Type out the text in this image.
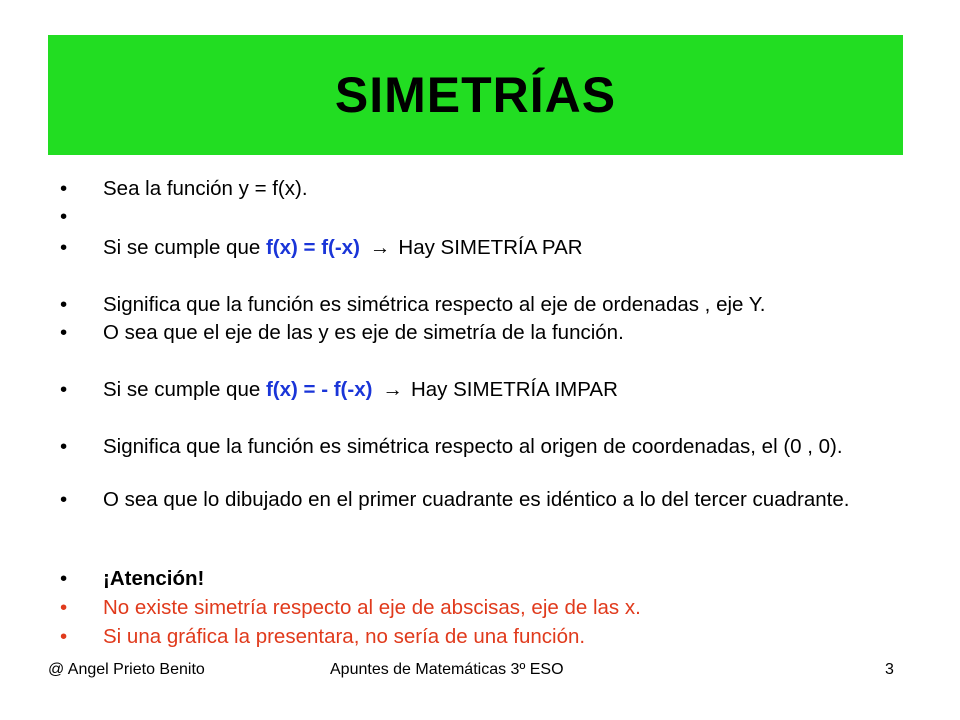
SIMETRÍAS
• Sea la función y = f(x).
•
• Si se cumple que f(x) = f(-x) → Hay SIMETRÍA PAR
• Significa que la función es simétrica respecto al eje de ordenadas , eje Y.
• O sea que el eje de las y es eje de simetría de la función.
• Si se cumple que f(x) = - f(-x) → Hay SIMETRÍA IMPAR
• Significa que la función es simétrica respecto al origen de coordenadas, el (0 , 0).
• O sea que lo dibujado en el primer cuadrante es idéntico a lo del tercer cuadrante.
• ¡Atención!
• No existe simetría respecto al eje de abscisas, eje de las x.
• Si una gráfica la presentara, no sería de una función.
@ Angel Prieto Benito	Apuntes de Matemáticas 3º ESO	3
